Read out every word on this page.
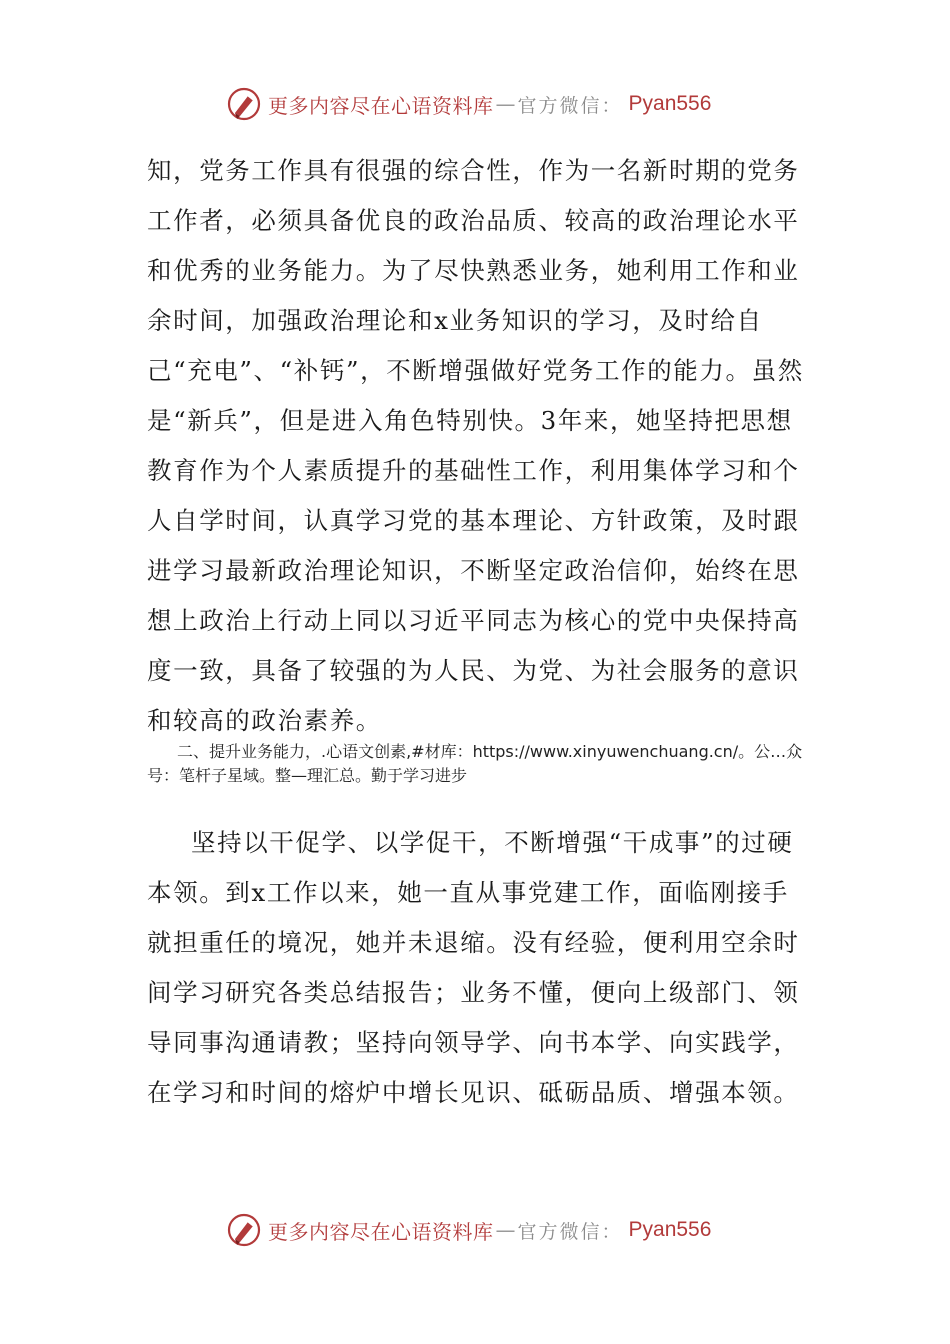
更多内容尽在心语资料库 — 官方微信： Pyan556

知，党务工作具有很强的综合性，作为一名新时期的党务工作者，必须具备优良的政治品质、较高的政治理论水平和优秀的业务能力。为了尽快熟悉业务，她利用工作和业余时间，加强政治理论和x业务知识的学习，及时给自己“充电”、“补钙”，不断增强做好党务工作的能力。虽然是“新兵”，但是进入角色特别快。3年来，她坚持把思想教育作为个人素质提升的基础性工作，利用集体学习和个人自学时间，认真学习党的基本理论、方针政策，及时跟进学习最新政治理论知识，不断坚定政治信仰，始终在思想上政治上行动上同以习近平同志为核心的党中央保持高度一致，具备了较强的为人民、为党、为社会服务的意识和较高的政治素养。

二、提升业务能力，.心语文创素,#材库：https://www.xinyuwenchuang.cn/。公…众号：笔杆子星域。整—理汇总。勤于学习进步

坚持以干促学、以学促干，不断增强“干成事”的过硬本领。到x工作以来，她一直从事党建工作，面临刚接手就担重任的境况，她并未退缩。没有经验，便利用空余时间学习研究各类总结报告；业务不懂，便向上级部门、领导同事沟通请教；坚持向领导学、向书本学、向实践学，在学习和时间的熔炉中增长见识、砥砺品质、增强本领。

更多内容尽在心语资料库 — 官方微信： Pyan556
